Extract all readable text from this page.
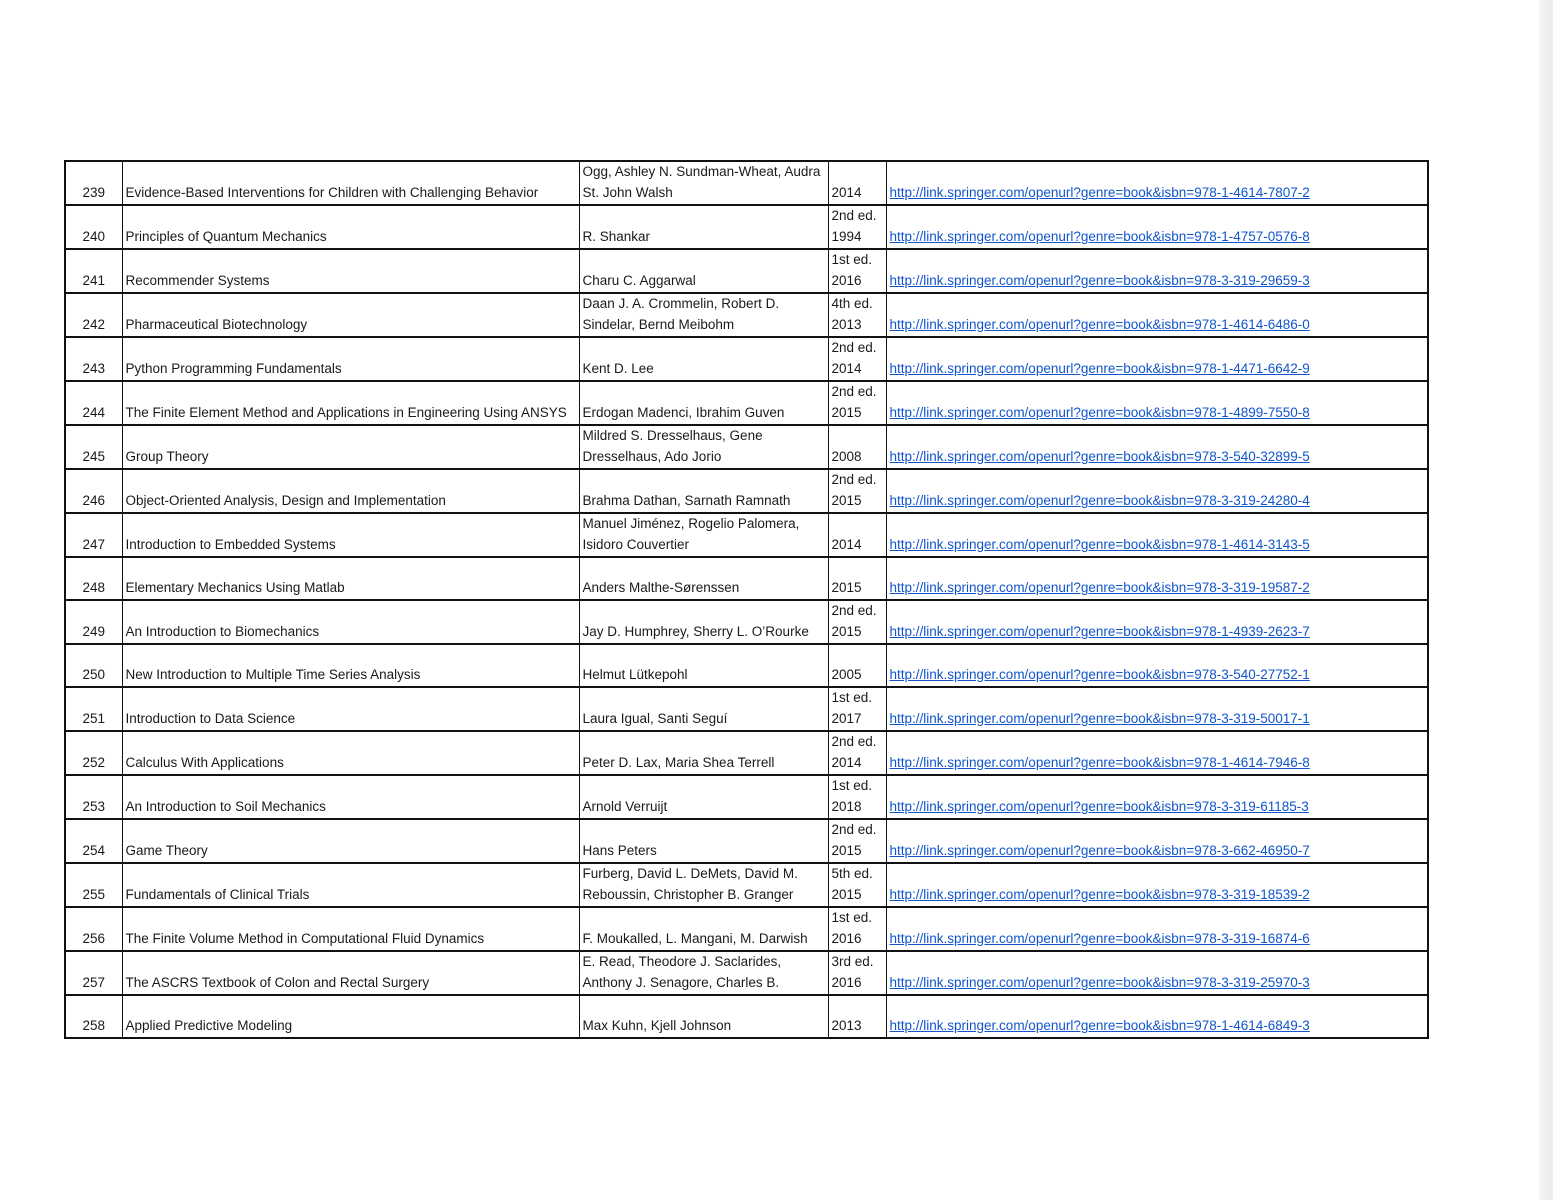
239	Evidence-Based Interventions for Children with Challenging Behavior	Ogg, Ashley N. Sundman-Wheat, Audra St. John Walsh	2014	http://link.springer.com/openurl?genre=book&isbn=978-1-4614-7807-2
240	Principles of Quantum Mechanics	R. Shankar	2nd ed. 1994	http://link.springer.com/openurl?genre=book&isbn=978-1-4757-0576-8
241	Recommender Systems	Charu C. Aggarwal	1st ed. 2016	http://link.springer.com/openurl?genre=book&isbn=978-3-319-29659-3
242	Pharmaceutical Biotechnology	Daan J. A. Crommelin, Robert D. Sindelar, Bernd Meibohm	4th ed. 2013	http://link.springer.com/openurl?genre=book&isbn=978-1-4614-6486-0
243	Python Programming Fundamentals	Kent D. Lee	2nd ed. 2014	http://link.springer.com/openurl?genre=book&isbn=978-1-4471-6642-9
244	The Finite Element Method and Applications in Engineering Using ANSYS	Erdogan Madenci, Ibrahim Guven	2nd ed. 2015	http://link.springer.com/openurl?genre=book&isbn=978-1-4899-7550-8
245	Group Theory	Mildred S. Dresselhaus, Gene Dresselhaus, Ado Jorio	2008	http://link.springer.com/openurl?genre=book&isbn=978-3-540-32899-5
246	Object-Oriented Analysis, Design and Implementation	Brahma Dathan, Sarnath Ramnath	2nd ed. 2015	http://link.springer.com/openurl?genre=book&isbn=978-3-319-24280-4
247	Introduction to Embedded Systems	Manuel Jiménez, Rogelio Palomera, Isidoro Couvertier	2014	http://link.springer.com/openurl?genre=book&isbn=978-1-4614-3143-5
248	Elementary Mechanics Using Matlab	Anders Malthe-Sørenssen	2015	http://link.springer.com/openurl?genre=book&isbn=978-3-319-19587-2
249	An Introduction to Biomechanics	Jay D. Humphrey, Sherry L. O’Rourke	2nd ed. 2015	http://link.springer.com/openurl?genre=book&isbn=978-1-4939-2623-7
250	New Introduction to Multiple Time Series Analysis	Helmut Lütkepohl	2005	http://link.springer.com/openurl?genre=book&isbn=978-3-540-27752-1
251	Introduction to Data Science	Laura Igual, Santi Seguí	1st ed. 2017	http://link.springer.com/openurl?genre=book&isbn=978-3-319-50017-1
252	Calculus With Applications	Peter D. Lax, Maria Shea Terrell	2nd ed. 2014	http://link.springer.com/openurl?genre=book&isbn=978-1-4614-7946-8
253	An Introduction to Soil Mechanics	Arnold Verruijt	1st ed. 2018	http://link.springer.com/openurl?genre=book&isbn=978-3-319-61185-3
254	Game Theory	Hans Peters	2nd ed. 2015	http://link.springer.com/openurl?genre=book&isbn=978-3-662-46950-7
255	Fundamentals of Clinical Trials	Furberg, David L. DeMets, David M. Reboussin, Christopher B. Granger	5th ed. 2015	http://link.springer.com/openurl?genre=book&isbn=978-3-319-18539-2
256	The Finite Volume Method in Computational Fluid Dynamics	F. Moukalled, L. Mangani, M. Darwish	1st ed. 2016	http://link.springer.com/openurl?genre=book&isbn=978-3-319-16874-6
257	The ASCRS Textbook of Colon and Rectal Surgery	E. Read, Theodore J. Saclarides, Anthony J. Senagore, Charles B.	3rd ed. 2016	http://link.springer.com/openurl?genre=book&isbn=978-3-319-25970-3
258	Applied Predictive Modeling	Max Kuhn, Kjell Johnson	2013	http://link.springer.com/openurl?genre=book&isbn=978-1-4614-6849-3
